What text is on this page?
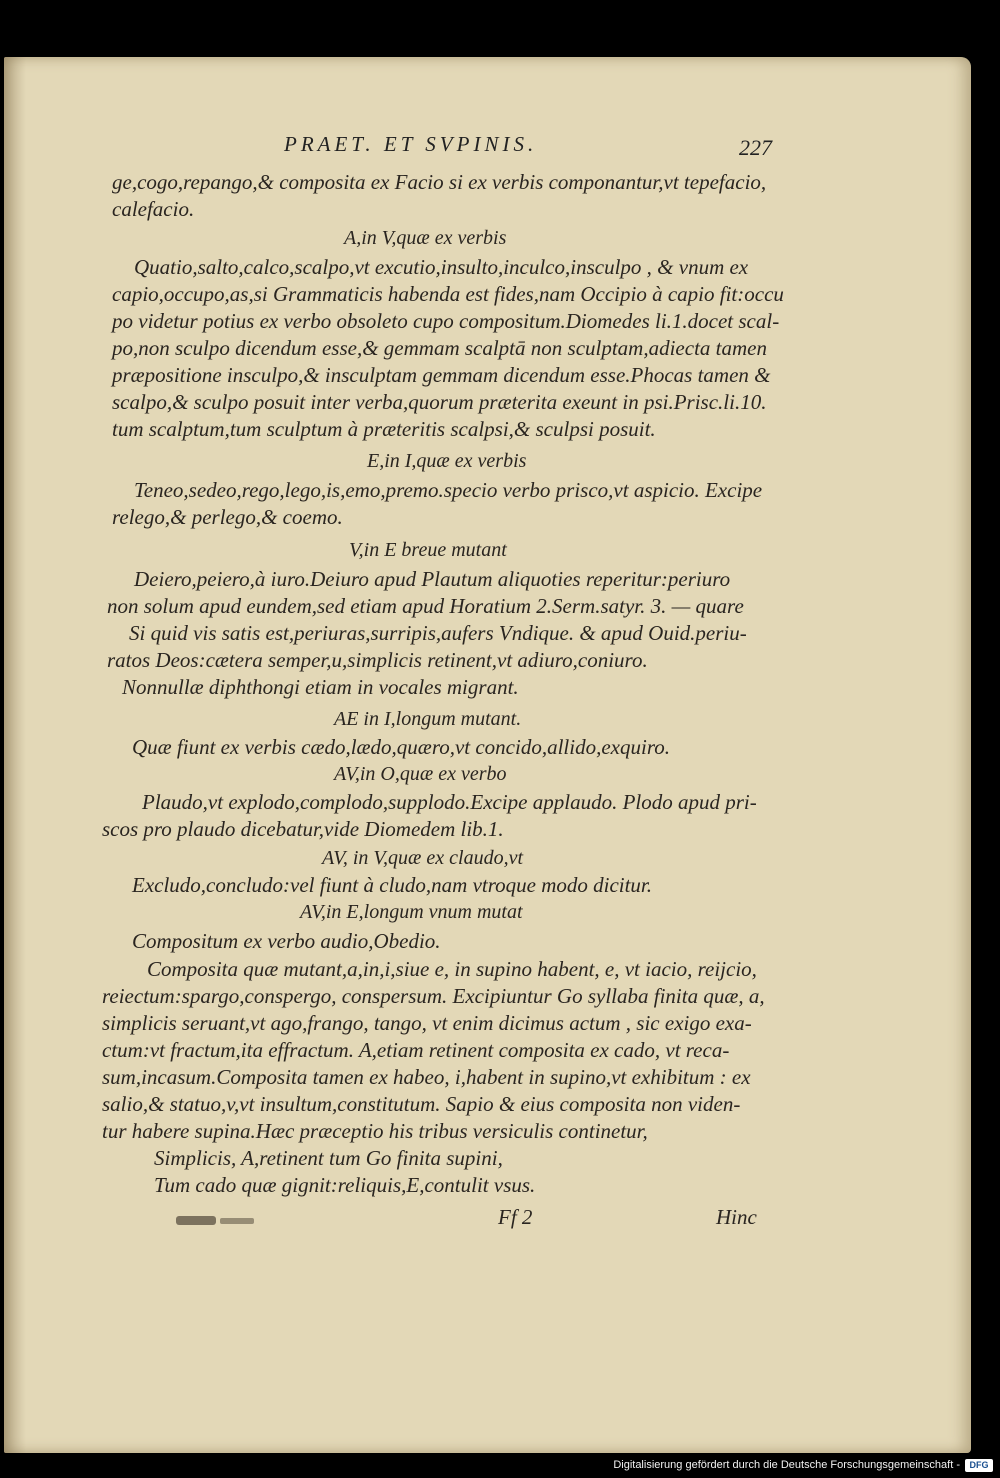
PRAET. ET SVPINIS.	227
ge,cogo,repango,& composita ex Facio si ex verbis componantur,vt tepefacio,
calefacio.
A,in V,quæ ex verbis
Quatio,salto,calco,scalpo,vt excutio,insulto,inculco,insculpo , & vnum ex
capio,occupo,as,si Grammaticis habenda est fides,nam Occipio à capio fit:occu
po videtur potius ex verbo obsoleto cupo compositum.Diomedes li.1.docet scal-
po,non sculpo dicendum esse,& gemmam scalptā non sculptam,adiecta tamen
præpositione insculpo,& insculptam gemmam dicendum esse.Phocas tamen &
scalpo,& sculpo posuit inter verba,quorum præterita exeunt in psi.Prisc.li.10.
tum scalptum,tum sculptum à præteritis scalpsi,& sculpsi posuit.
E,in I,quæ ex verbis
Teneo,sedeo,rego,lego,is,emo,premo.specio verbo prisco,vt aspicio. Excipe
relego,& perlego,& coemo.
V,in E breue mutant
Deiero,peiero,à iuro.Deiuro apud Plautum aliquoties reperitur:periuro
non solum apud eundem,sed etiam apud Horatium 2.Serm.satyr. 3. — quare
Si quid vis satis est,periuras,surripis,aufers Vndique. & apud Ouid.periu-
ratos Deos:cætera semper,u,simplicis retinent,vt adiuro,coniuro.
Nonnullæ diphthongi etiam in vocales migrant.
AE in I,longum mutant.
Quæ fiunt ex verbis cædo,lædo,quæro,vt concido,allido,exquiro.
AV,in O,quæ ex verbo
Plaudo,vt explodo,complodo,supplodo.Excipe applaudo. Plodo apud pri-
scos pro plaudo dicebatur,vide Diomedem lib.1.
AV, in V,quæ ex claudo,vt
Excludo,concludo:vel fiunt à cludo,nam vtroque modo dicitur.
AV,in E,longum vnum mutat
Compositum ex verbo audio,Obedio.
Composita quæ mutant,a,in,i,siue e, in supino habent, e, vt iacio, reijcio,
reiectum:spargo,conspergo, conspersum. Excipiuntur Go syllaba finita quæ, a,
simplicis seruant,vt ago,frango, tango, vt enim dicimus actum , sic exigo exa-
ctum:vt fractum,ita effractum. A,etiam retinent composita ex cado, vt reca-
sum,incasum.Composita tamen ex habeo, i,habent in supino,vt exhibitum : ex
salio,& statuo,v,vt insultum,constitutum. Sapio & eius composita non viden-
tur habere supina.Hæc præceptio his tribus versiculis continetur,
Simplicis, A,retinent tum Go finita supini,
Tum cado quæ gignit:reliquis,E,contulit vsus.
Ff 2	Hinc
Digitalisierung gefördert durch die Deutsche Forschungsgemeinschaft -	DFG
